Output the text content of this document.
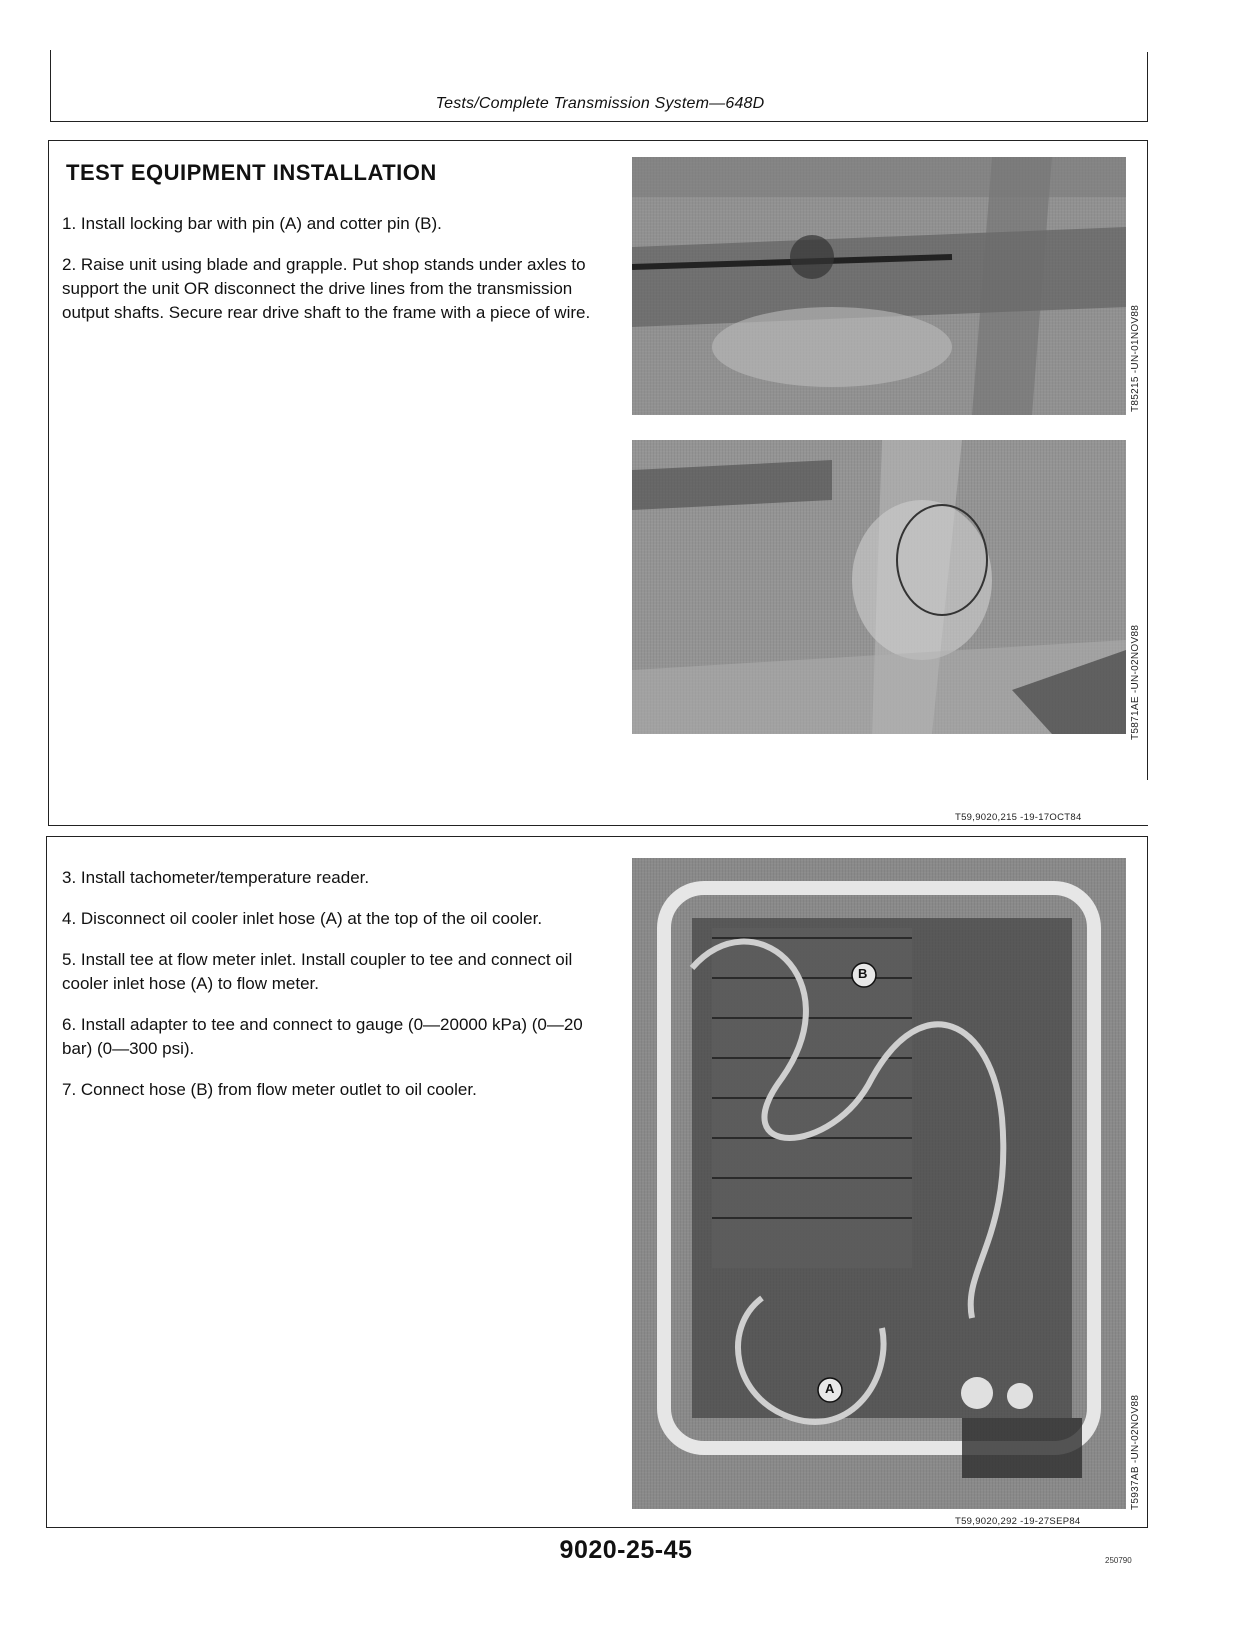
Tests/Complete Transmission System—648D
TEST EQUIPMENT INSTALLATION

1. Install locking bar with pin (A) and cotter pin (B).

2. Raise unit using blade and grapple. Put shop stands under axles to support the unit OR disconnect the drive lines from the transmission output shafts. Secure rear drive shaft to the frame with a piece of wire.	T85215 -UN-01NOV88
T5871AE -UN-02NOV88
T59,9020,215 -19-17OCT84

3. Install tachometer/temperature reader.

4. Disconnect oil cooler inlet hose (A) at the top of the oil cooler.

5. Install tee at flow meter inlet. Install coupler to tee and connect oil cooler inlet hose (A) to flow meter.

6. Install adapter to tee and connect to gauge (0—20000 kPa) (0—20 bar) (0—300 psi).

7. Connect hose (B) from flow meter outlet to oil cooler.

B
A
T5937AB -UN-02NOV88
T59,9020,292 -19-27SEP84
9020-25-45	250790
